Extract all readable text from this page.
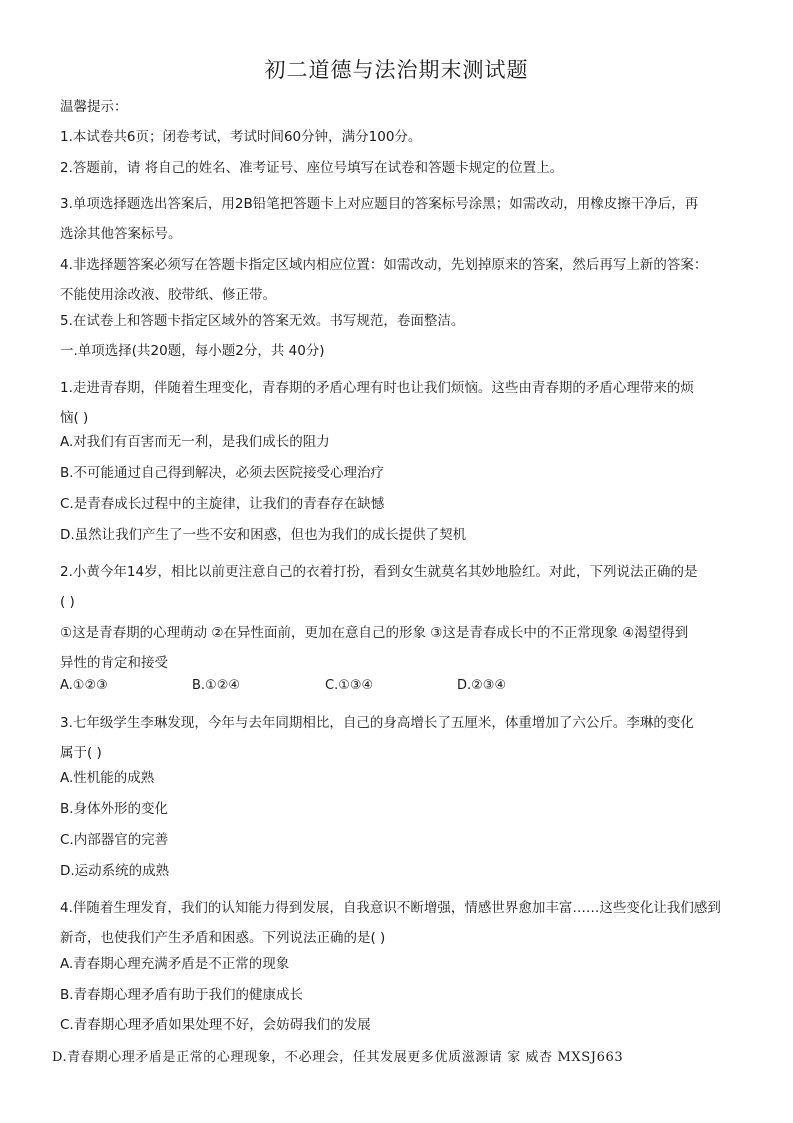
初二道德与法治期末测试题
温馨提示：
1.本试卷共6页；闭卷考试，考试时间60分钟，满分100分。
2.答题前，请 将自己的姓名、准考证号、座位号填写在试卷和答题卡规定的位置上。
3.单项选择题选出答案后，用2B铅笔把答题卡上对应题目的答案标号涂黑；如需改动，用橡皮擦干净后，再
选涂其他答案标号。
4.非选择题答案必须写在答题卡指定区域内相应位置：如需改动，先划掉原来的答案，然后再写上新的答案：
不能使用涂改液、胶带纸、修正带。
5.在试卷上和答题卡指定区域外的答案无效。书写规范，卷面整洁。
一.单项选择(共20题，每小题2分，共 40分)
1.走进青春期，伴随着生理变化，青春期的矛盾心理有时也让我们烦恼。这些由青春期的矛盾心理带来的烦
恼( )
A.对我们有百害而无一利，是我们成长的阻力
B.不可能通过自己得到解决，必须去医院接受心理治疗
C.是青春成长过程中的主旋律，让我们的青春存在缺憾
D.虽然让我们产生了一些不安和困惑，但也为我们的成长提供了契机
2.小黄今年14岁，相比以前更注意自己的衣着打扮，看到女生就莫名其妙地脸红。对此，下列说法正确的是
( )
①这是青春期的心理萌动 ②在异性面前，更加在意自己的形象 ③这是青春成长中的不正常现象 ④渴望得到
异性的肯定和接受
A.①②③	B.①②④	C.①③④	D.②③④
3.七年级学生李琳发现，今年与去年同期相比，自己的身高增长了五厘米，体重增加了六公斤。李琳的变化
属于( )
A.性机能的成熟
B.身体外形的变化
C.内部器官的完善
D.运动系统的成熟
4.伴随着生理发育，我们的认知能力得到发展，自我意识不断增强，情感世界愈加丰富……这些变化让我们感到
新奇，也使我们产生矛盾和困惑。下列说法正确的是( )
A.青春期心理充满矛盾是不正常的现象
B.青春期心理矛盾有助于我们的健康成长
C.青春期心理矛盾如果处理不好，会妨碍我们的发展
D.青春期心理矛盾是正常的心理现象，不必理会，任其发展更多优质滋源请 家 威杏 MXSJ663
